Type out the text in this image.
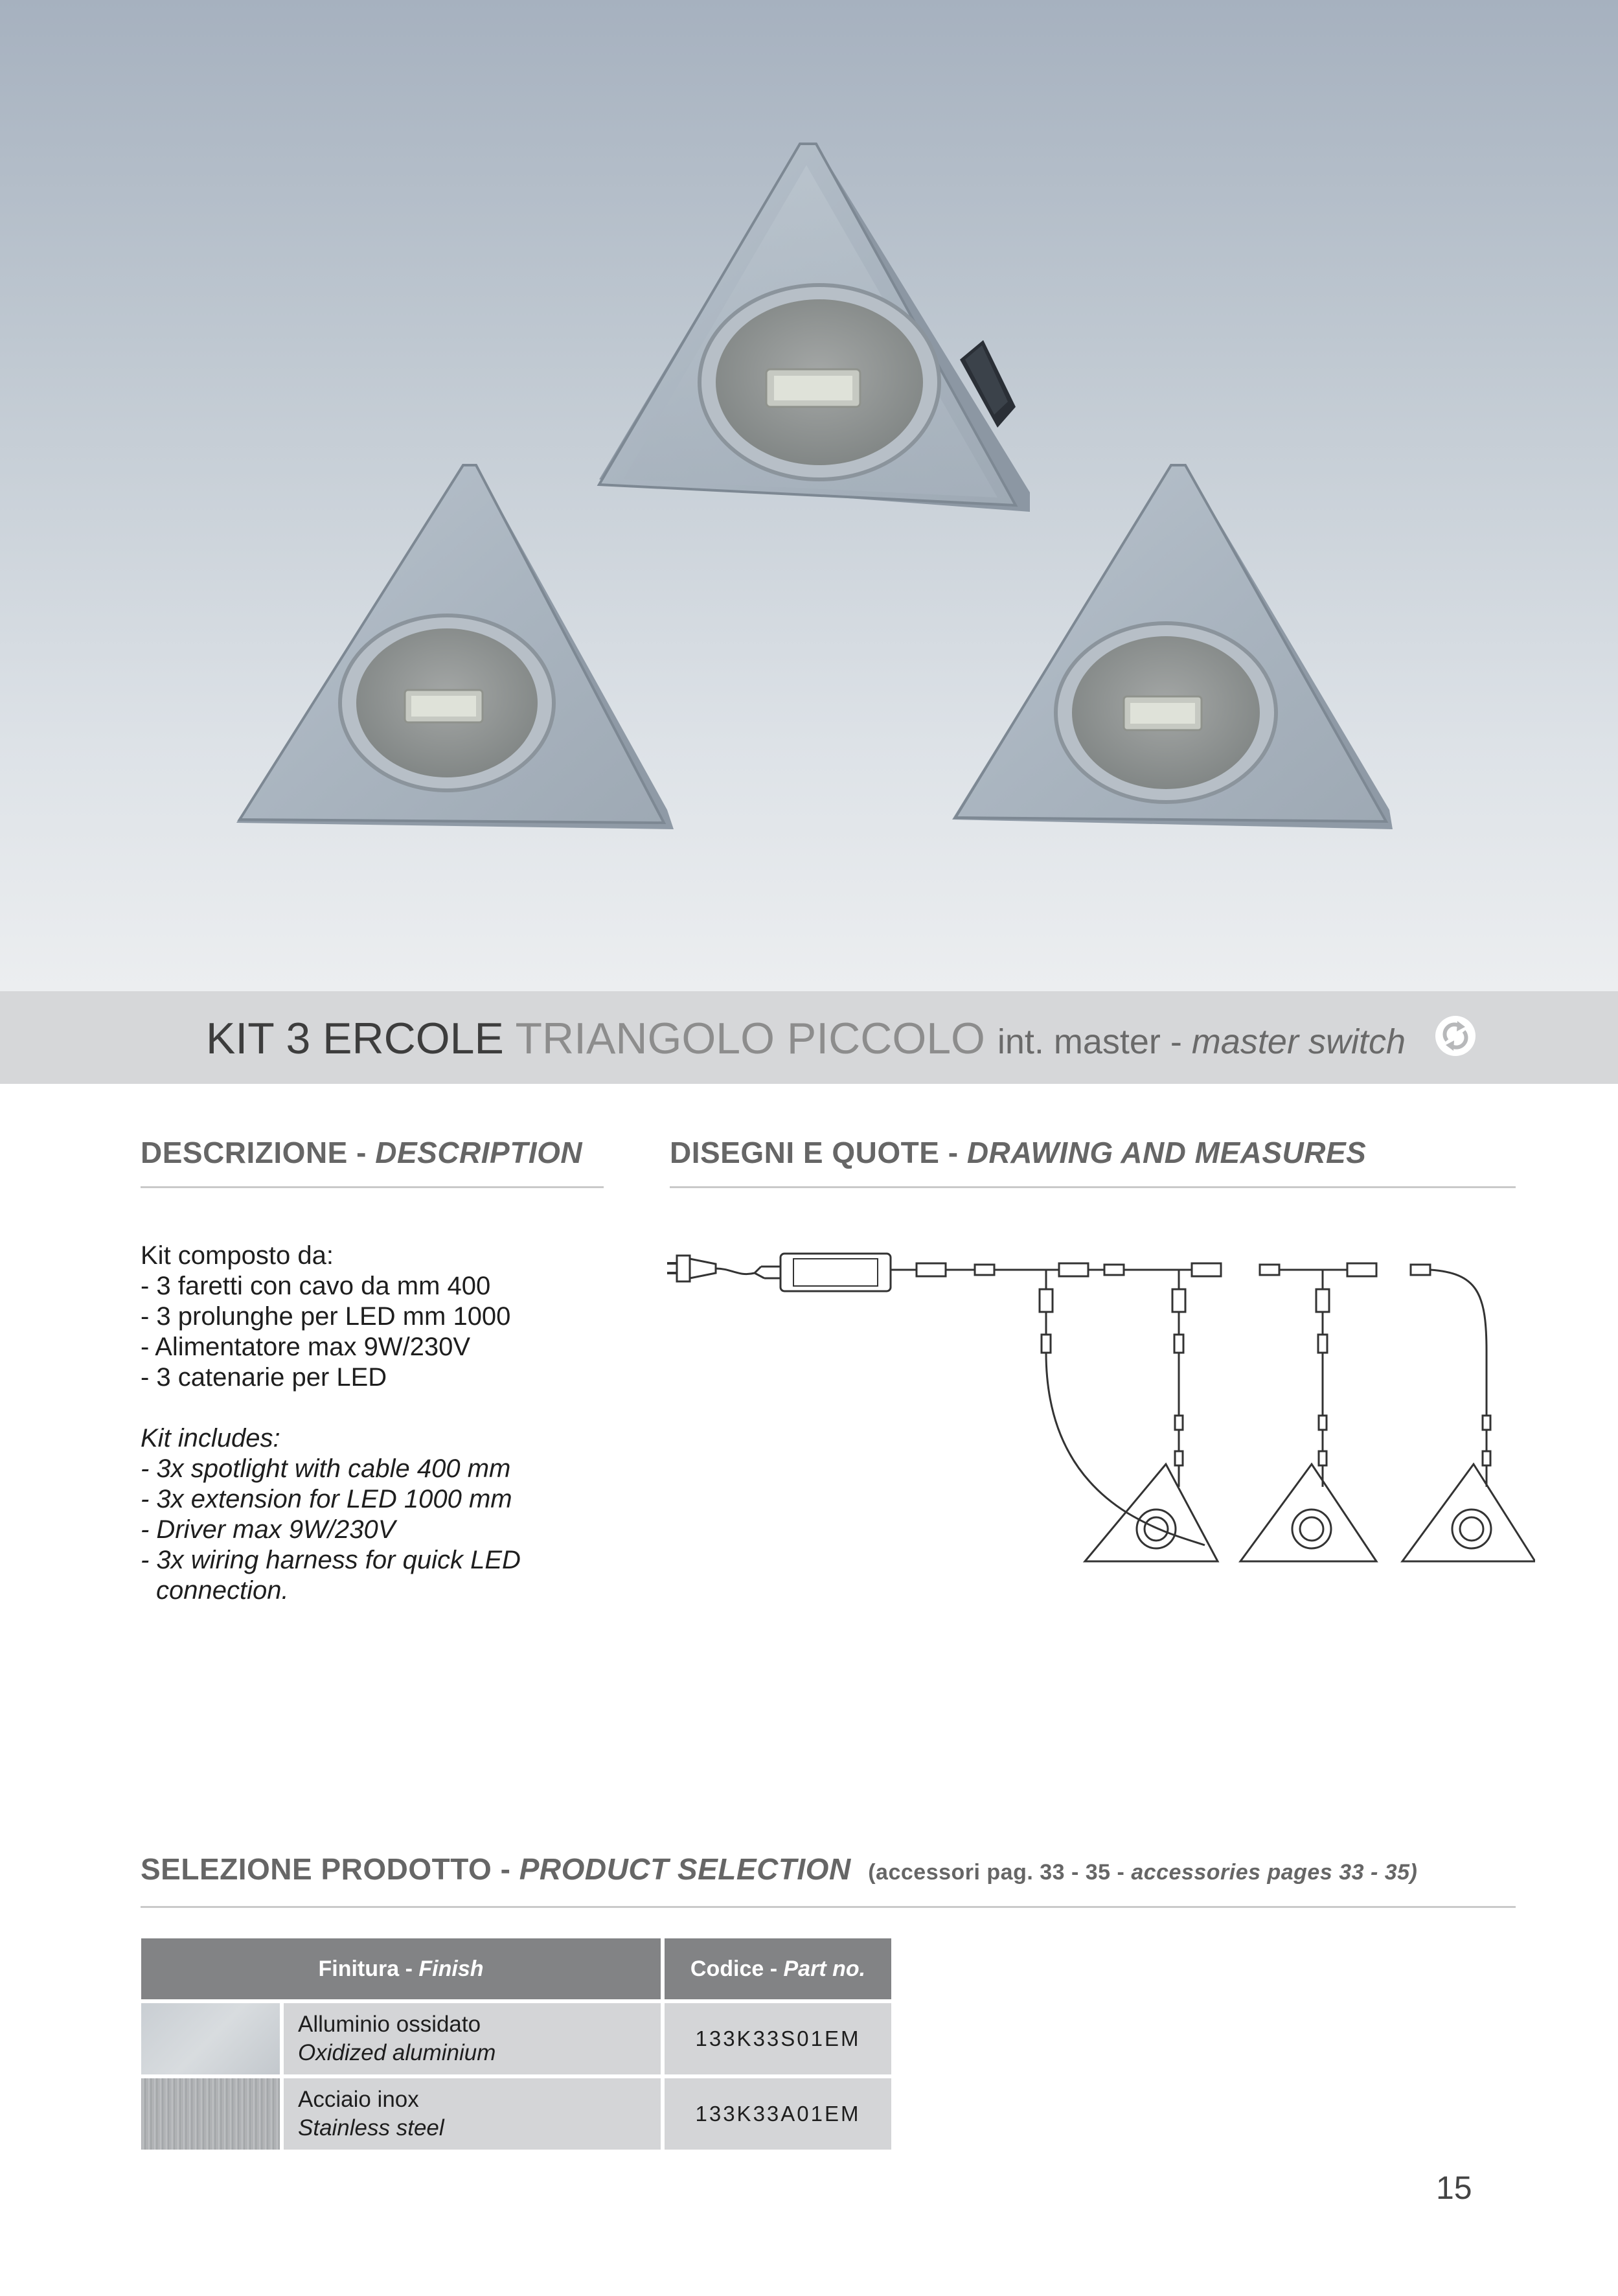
KIT 3 ERCOLE TRIANGOLO PICCOLO int. master - master switch
DESCRIZIONE - DESCRIPTION

Kit composto da:

- 3 faretti con cavo da mm 400

- 3 prolunghe per LED mm 1000

- Alimentatore max 9W/230V

- 3 catenarie per LED

Kit includes:

- 3x spotlight with cable 400 mm

- 3x extension for LED 1000 mm

- Driver max 9W/230V

- 3x wiring harness for quick LED

connection.

DISEGNI E QUOTE - DRAWING AND MEASURES
SELEZIONE PRODOTTO - PRODUCT SELECTION (accessori pag. 33 - 35 - accessories pages 33 - 35)
Finitura - Finish		Codice - Part no.

	Alluminio ossidato
Oxidized aluminium	133K33S01EM

	Acciaio inox
Stainless steel	133K33A01EM
15
